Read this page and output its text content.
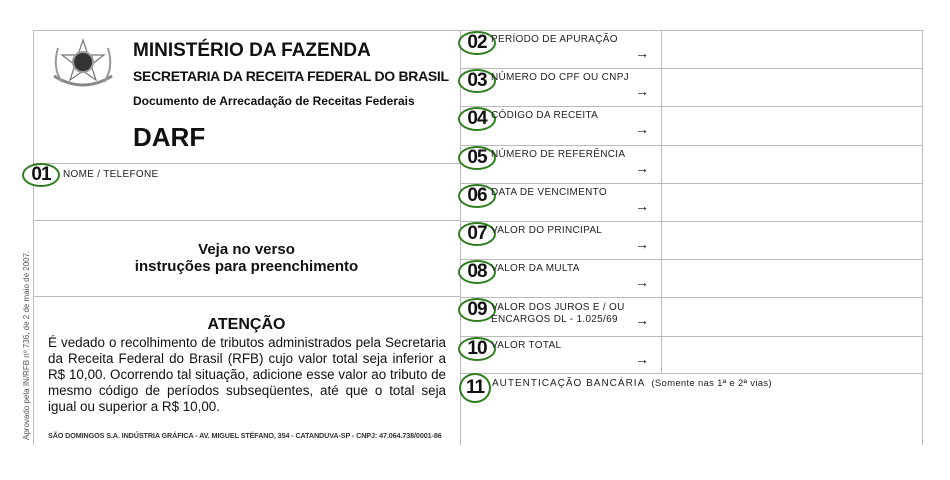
MINISTÉRIO DA FAZENDA
SECRETARIA DA RECEITA FEDERAL DO BRASIL
Documento de Arrecadação de Receitas Federais
DARF
01	NOME / TELEFONE
Veja no verso
instruções para preenchimento
ATENÇÃO
É vedado o recolhimento de tributos administrados pela Secretaria da Receita Federal do Brasil (RFB) cujo valor total seja inferior a R$ 10,00. Ocorrendo tal situação, adicione esse valor ao tributo de mesmo código de períodos subseqüentes, até que o total seja igual ou superior a R$ 10,00.
SÃO DOMINGOS S.A. INDÚSTRIA GRÁFICA - AV. MIGUEL STÉFANO, 354 - CATANDUVA-SP - CNPJ: 47.064.738/0001-86
Aprovado pela IN/RFB nº 736, de 2 de maio de 2007.
02 PERÍODO DE APURAÇÃO
→
03 NÚMERO DO CPF OU CNPJ
→
04 CÓDIGO DA RECEITA
→
05 NÚMERO DE REFERÊNCIA
→
06 DATA DE VENCIMENTO
→
07 VALOR DO PRINCIPAL
→
08 VALOR DA MULTA
→
09 VALOR DOS JUROS E / OU ENCARGOS DL - 1.025/69	→
10 VALOR TOTAL
→
11 AUTENTICAÇÃO BANCÁRIA (Somente nas 1ª e 2ª vias)
